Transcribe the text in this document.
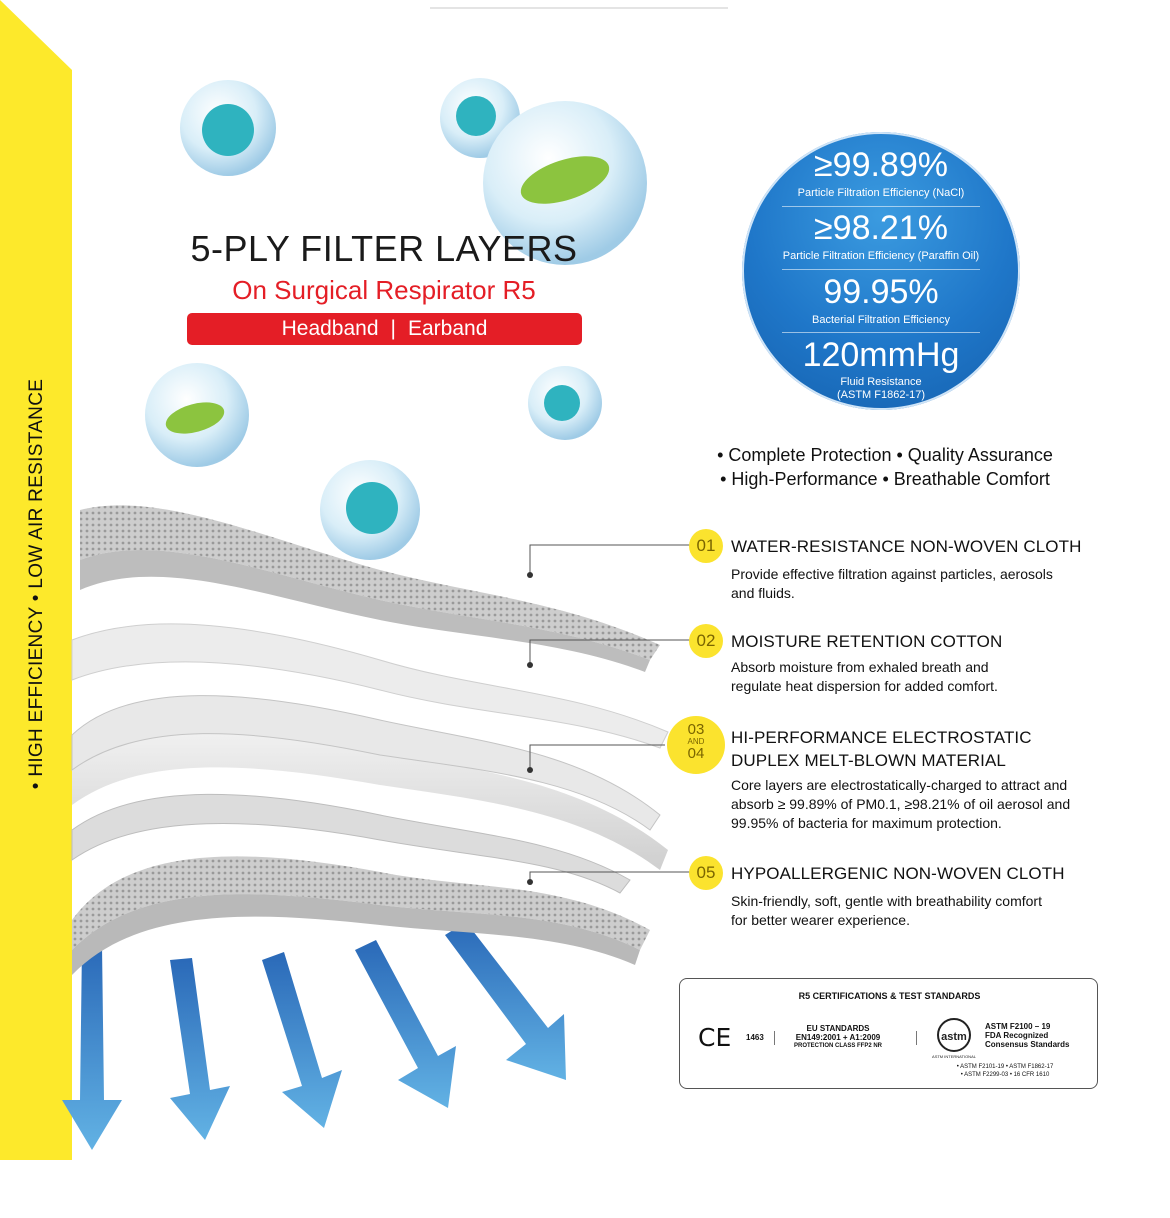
• HIGH EFFICIENCY • LOW AIR RESISTANCE
5-PLY FILTER LAYERS
On Surgical Respirator R5
Headband | Earband
≥99.89%
Particle Filtration Efficiency (NaCl)
≥98.21%
Particle Filtration Efficiency (Paraffin Oil)
99.95%
Bacterial Filtration Efficiency
120mmHg
Fluid Resistance
(ASTM F1862-17)
• Complete Protection • Quality Assurance
• High-Performance • Breathable Comfort
01 WATER-RESISTANCE NON-WOVEN CLOTH
Provide effective filtration against particles, aerosols
and fluids.
02 MOISTURE RETENTION COTTON
Absorb moisture from exhaled breath and
regulate heat dispersion for added comfort.
03
AND
04
HI-PERFORMANCE ELECTROSTATIC
DUPLEX MELT-BLOWN MATERIAL
Core layers are electrostatically-charged to attract and
absorb ≥ 99.89% of PM0.1, ≥98.21% of oil aerosol and
99.95% of bacteria for maximum protection.
05 HYPOALLERGENIC NON-WOVEN CLOTH
Skin-friendly, soft, gentle with breathability comfort
for better wearer experience.
R5 CERTIFICATIONS & TEST STANDARDS
CE 1463
EU STANDARDS
EN149:2001 + A1:2009
PROTECTION CLASS FFP2 NR
astm
ASTM INTERNATIONAL
ASTM F2100 – 19
FDA Recognized
Consensus Standards
• ASTM F2101-19 • ASTM F1862-17
• ASTM F2299-03 • 16 CFR 1610
